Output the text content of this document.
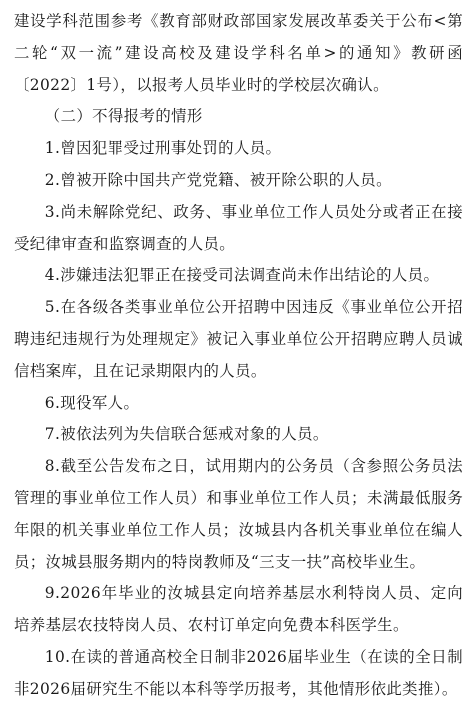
建设学科范围参考《教育部财政部国家发展改革委关于公布<第二轮“双一流”建设高校及建设学科名单>的通知》教研函〔2022〕1号），以报考人员毕业时的学校层次确认。

（二）不得报考的情形

1.曾因犯罪受过刑事处罚的人员。

2.曾被开除中国共产党党籍、被开除公职的人员。

3.尚未解除党纪、政务、事业单位工作人员处分或者正在接受纪律审查和监察调查的人员。

4.涉嫌违法犯罪正在接受司法调查尚未作出结论的人员。

5.在各级各类事业单位公开招聘中因违反《事业单位公开招聘违纪违规行为处理规定》被记入事业单位公开招聘应聘人员诚信档案库，且在记录期限内的人员。

6.现役军人。

7.被依法列为失信联合惩戒对象的人员。

8.截至公告发布之日，试用期内的公务员（含参照公务员法管理的事业单位工作人员）和事业单位工作人员；未满最低服务年限的机关事业单位工作人员；汝城县内各机关事业单位在编人员；汝城县服务期内的特岗教师及“三支一扶”高校毕业生。

9.2026年毕业的汝城县定向培养基层水利特岗人员、定向培养基层农技特岗人员、农村订单定向免费本科医学生。

10.在读的普通高校全日制非2026届毕业生（在读的全日制非2026届研究生不能以本科等学历报考，其他情形依此类推）。
